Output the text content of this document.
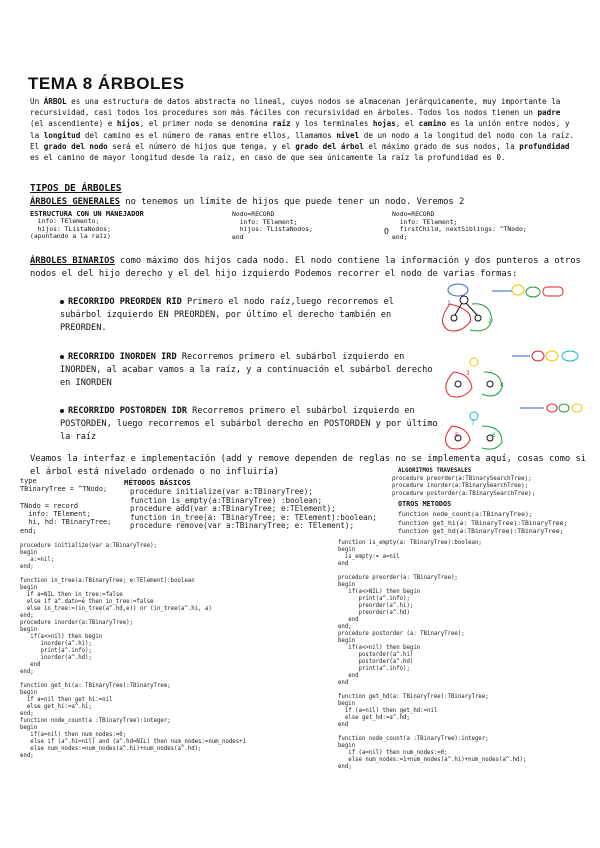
TEMA 8 ÁRBOLES
Un ÁRBOL es una estructura de datos abstracta no lineal, cuyos nodos se almacenan jerárquicamente, muy importante la recursividad, casi todos los procedures son más fáciles con recursividad en árboles. Todos los nodos tienen un padre (el ascendiente) e hijos, el primer nodo se denomina raíz y los terminales hojas, el camino es la unión entre nodos, y la longitud del camino es el número de ramas entre ellos, llamamos nivel de un nodo a la longitud del nodo con la raíz. El grado del nodo será el número de hijos que tenga, y el grado del árbol el máximo grado de sus nodos, la profundidad es el camino de mayor longitud desde la raíz, en caso de que sea únicamente la raíz la profundidad es 0.
TIPOS DE ÁRBOLES
ÁRBOLES GENERALES no tenemos un límite de hijos que puede tener un nodo. Veremos 2
ESTRUCTURA CON UN MANEJADOR
info: TElemento;
hijos: TListaNodos;
(apuntando a la raíz)
Nodo=RECORD
info: TElement;
hijos: TListaNodos;
end
O
Nodo=RECORD
info: TElement;
firstChild, nextSiblings: ^TNodo;
end;
ÁRBOLES BINARIOS como máximo dos hijos cada nodo. El nodo contiene la información y dos punteros a otros nodos el del hijo derecho y el del hijo izquierdo Podemos recorrer el nodo de varias formas:
RECORRIDO PREORDEN RID Primero el nodo raíz,luego recorremos el subárbol izquierdo EN PREORDEN, por último el derecho también en PREORDEN.
RECORRIDO INORDEN IRD Recorremos primero el subárbol izquierdo en INORDEN, al acabar vamos a la raíz, y a continuación el subárbol derecho en INORDEN
RECORRIDO POSTORDEN IDR Recorremos primero el subárbol izquierdo en POSTORDEN, luego recorremos el subárbol derecho en POSTORDEN y por último la raíz
1
2
3
4
5	6
7
Veamos la interfaz e implementación (add y remove dependen de reglas no se implementa aquí, cosas como si el árbol está nivelado ordenado o no influiría)
type
TBinaryTree = ^TNodo;

TNodo = record
info: TElement;
hi, hd: TBinaryTree;
end;
MÉTODOS BÁSICOS
procedure initialize(var a:TBinaryTree);
function is_empty(a:TBinaryTree) :boolean;
procedure add(var a:TBinaryTree; e:TElement);
function in_tree(a: TBinaryTree; e: TElement):boolean;
procedure remove(var a:TBinaryTree; e: TElement);
ALGORITMOS TRAVESALES
procedure preorder(a:TBinarySearchTree);
procedure inorder(a:TBinarySearchTree);
procedure postorder(a:TBinarySearchTree);
OTROS METODOS
function node_count(a:TBinaryTree);
function get_hi(a: TBinaryTree):TBinaryTree;
function get_hd(a:TBinaryTree):TBinaryTree;
procedure initialize(var a:TBinaryTree);
begin
a:=nil;
end;

function in_tree(a:TBinaryTree; e:TElement):boolean
begin
if a=NIL then in_tree:=false
else if a^.dato=e then in_tree:=false
else in_tree:=(in_tree(a^.hd,e)) or (in_tree(a^.hi, a)
end;
procedure inorder(a:TBinaryTree);
begin
if(a<>nil) then begin
inorder(a^.hi);
print(a^.info);
inorder(a^.hd);
end
end;

function get_hi(a: TBinaryTree):TBinaryTree;
begin
if a=nil then get_hi:=nil
else get_hi:=a^.hi;
end;
function node_count(a :TBinaryTree):integer;
begin
if(a=nil) then num_nodes:=0;
else if (a^.hi=nil) and (a^.hd=NIL) then num_nodes:=num_nodes+1
else num_nodes:=num_nodes(a^.hi)+num_nodes(a^.hd);
end;
function is_empty(a: TBinaryTree):boolean;
begin
is_empty:= a=nil
end

procedure preorder(a: TBinaryTree);
begin
if(a<>NIL) then begin
print(a^.info);
preorder(a^.hi);
preorder(a^.hd)
end
end;
procedure postorder (a: TBinaryTree);
begin
if(a<>nil) then begin
postorder(a^.hi)
postorder(a^.hd)
print(a^.info);
end
end

function get_hd(a: TBinaryTree):TBinaryTree;
begin
if (a=nil) then get_hd:=nil
else get_hd:=a^.hd;
end

function node_count(a :TBinaryTree):integer;
begin
if (a=nil) then num_nodes:=0;
else num_nodes:=1+num_nodes(a^.hi)+num_nodes(a^.hd);
end;
